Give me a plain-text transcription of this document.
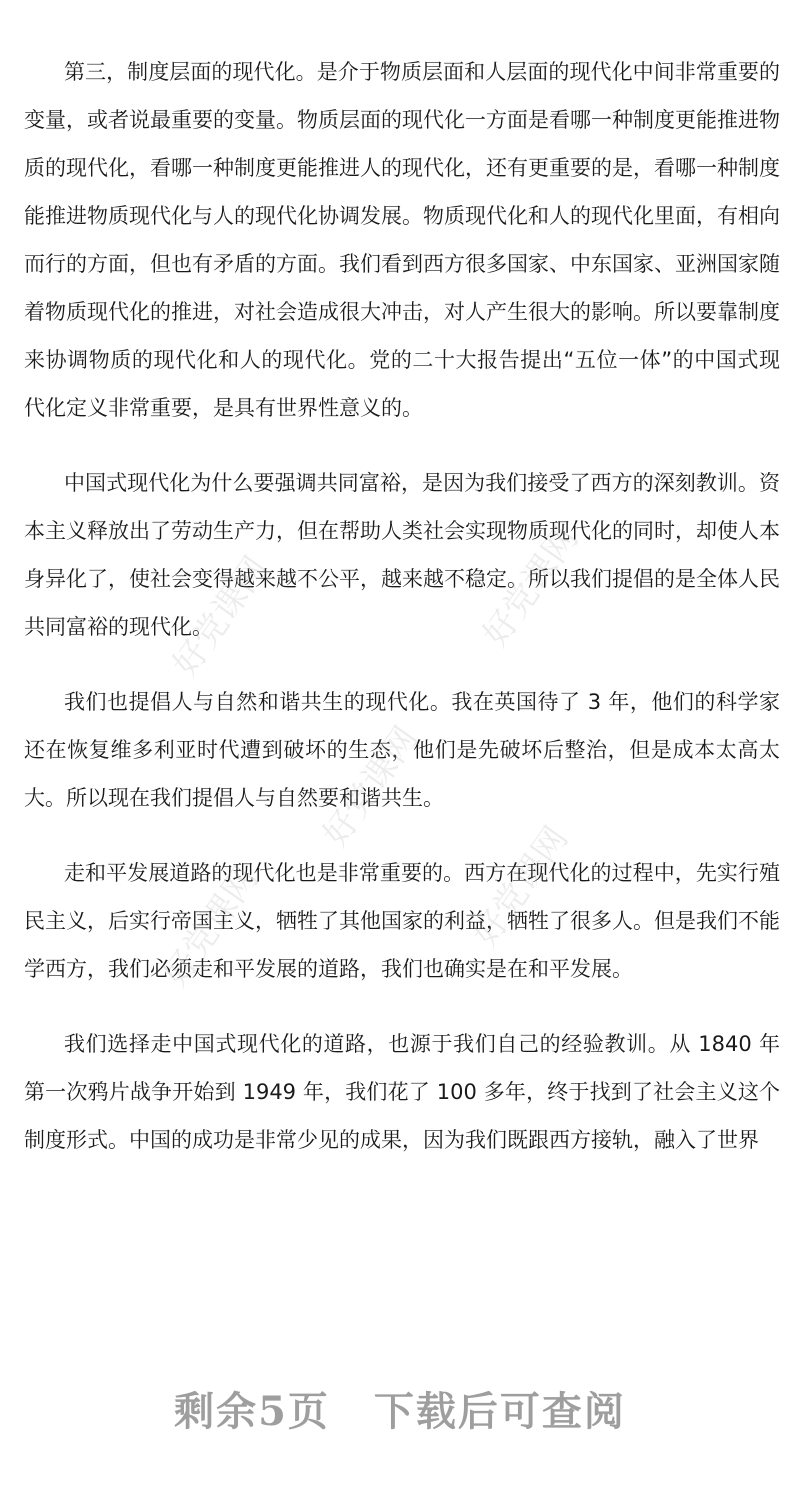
第三，制度层面的现代化。是介于物质层面和人层面的现代化中间非常重要的变量，或者说最重要的变量。物质层面的现代化一方面是看哪一种制度更能推进物质的现代化，看哪一种制度更能推进人的现代化，还有更重要的是，看哪一种制度能推进物质现代化与人的现代化协调发展。物质现代化和人的现代化里面，有相向而行的方面，但也有矛盾的方面。我们看到西方很多国家、中东国家、亚洲国家随着物质现代化的推进，对社会造成很大冲击，对人产生很大的影响。所以要靠制度来协调物质的现代化和人的现代化。党的二十大报告提出“五位一体”的中国式现代化定义非常重要，是具有世界性意义的。

中国式现代化为什么要强调共同富裕，是因为我们接受了西方的深刻教训。资本主义释放出了劳动生产力，但在帮助人类社会实现物质现代化的同时，却使人本身异化了，使社会变得越来越不公平，越来越不稳定。所以我们提倡的是全体人民共同富裕的现代化。

我们也提倡人与自然和谐共生的现代化。我在英国待了 3 年，他们的科学家还在恢复维多利亚时代遭到破坏的生态，他们是先破坏后整治，但是成本太高太大。所以现在我们提倡人与自然要和谐共生。

走和平发展道路的现代化也是非常重要的。西方在现代化的过程中，先实行殖民主义，后实行帝国主义，牺牲了其他国家的利益，牺牲了很多人。但是我们不能学西方，我们必须走和平发展的道路，我们也确实是在和平发展。

我们选择走中国式现代化的道路，也源于我们自己的经验教训。从 1840 年第一次鸦片战争开始到 1949 年，我们花了 100 多年，终于找到了社会主义这个制度形式。中国的成功是非常少见的成果，因为我们既跟西方接轨，融入了世界

好党课网	好党课网
好党课网
好党课网	好党课网
剩余5页 下载后可查阅
